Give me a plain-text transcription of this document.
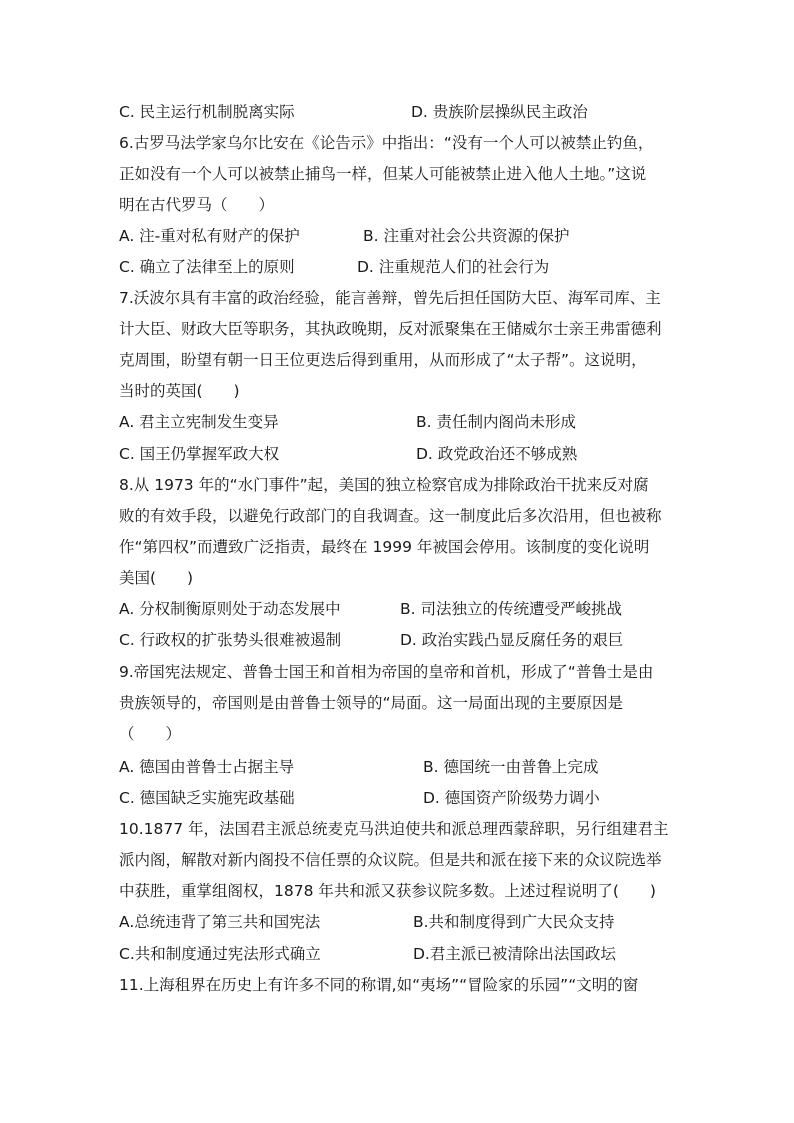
C. 民主运行机制脱离实际	D. 贵族阶层操纵民主政治
6.古罗马法学家乌尔比安在《论告示》中指出：“没有一个人可以被禁止钓鱼，
正如没有一个人可以被禁止捕鸟一样，但某人可能被禁止进入他人土地。”这说
明在古代罗马（　　）
A. 注-重对私有财产的保护	B. 注重对社会公共资源的保护
C. 确立了法律至上的原则	D. 注重规范人们的社会行为
7.沃波尔具有丰富的政治经验，能言善辩，曾先后担任国防大臣、海军司库、主
计大臣、财政大臣等职务，其执政晚期，反对派聚集在王储威尔士亲王弗雷德利
克周围，盼望有朝一日王位更迭后得到重用，从而形成了“太子帮”。这说明，
当时的英国(　　)
A. 君主立宪制发生变异	B. 责任制内阁尚未形成
C. 国王仍掌握军政大权	D. 政党政治还不够成熟
8.从 1973 年的“水门事件”起，美国的独立检察官成为排除政治干扰来反对腐
败的有效手段，以避免行政部门的自我调查。这一制度此后多次沿用，但也被称
作“第四权”而遭致广泛指责，最终在 1999 年被国会停用。该制度的变化说明
美国(　　)
A. 分权制衡原则处于动态发展中	B. 司法独立的传统遭受严峻挑战
C. 行政权的扩张势头很难被遏制	D. 政治实践凸显反腐任务的艰巨
9.帝国宪法规定、普鲁士国王和首相为帝国的皇帝和首机，形成了“普鲁士是由
贵族领导的，帝国则是由普鲁士领导的“局面。这一局面出现的主要原因是
（　　）
A. 德国由普鲁士占据主导	B. 德国统一由普鲁上完成
C. 德国缺乏实施宪政基础	D. 德国资产阶级势力调小
10.1877 年，法国君主派总统麦克马洪迫使共和派总理西蒙辞职，另行组建君主
派内阁，解散对新内阁投不信任票的众议院。但是共和派在接下来的众议院选举
中获胜，重掌组阁权，1878 年共和派又获参议院多数。上述过程说明了(　　)
A.总统违背了第三共和国宪法	B.共和制度得到广大民众支持
C.共和制度通过宪法形式确立	D.君主派已被清除出法国政坛
11.上海租界在历史上有许多不同的称谓,如“夷场”“冒险家的乐园”“文明的窗
